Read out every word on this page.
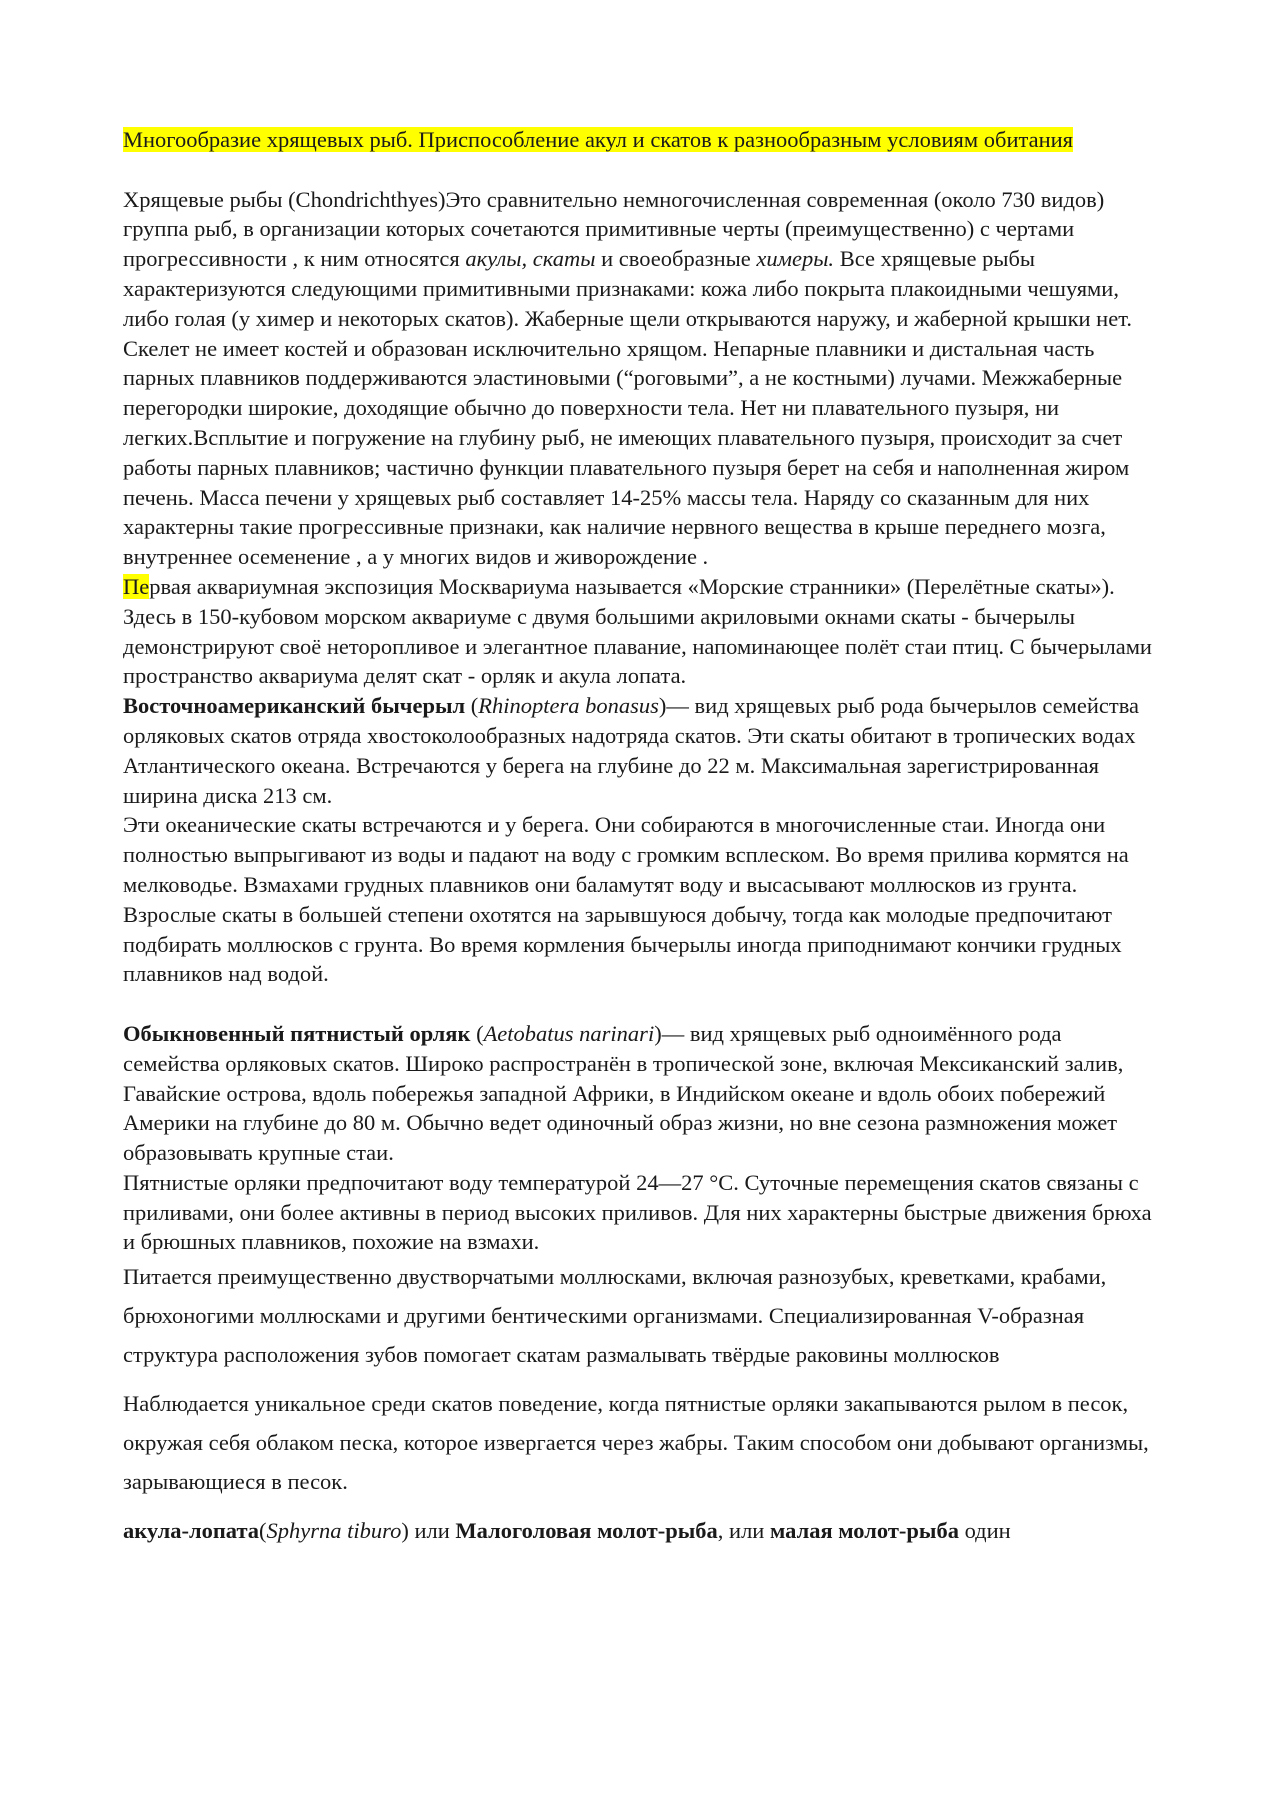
Многообразие хрящевых рыб. Приспособление акул и скатов к разнообразным условиям обитания

Хрящевые рыбы (Chondrichthyes)Это сравнительно немногочисленная современная (около 730 видов) группа рыб, в организации которых сочетаются примитивные черты (преимущественно) с чертами прогрессивности , к ним относятся акулы, скаты и своеобразные химеры. Все хрящевые рыбы характеризуются следующими примитивными признаками: кожа либо покрыта плакоидными чешуями, либо голая (у химер и некоторых скатов). Жаберные щели открываются наружу, и жаберной крышки нет. Скелет не имеет костей и образован исключительно хрящом. Непарные плавники и дистальная часть парных плавников поддерживаются эластиновыми (“роговыми”, а не костными) лучами. Межжаберные перегородки широкие, доходящие обычно до поверхности тела. Нет ни плавательного пузыря, ни легких.Всплытие и погружение на глубину рыб, не имеющих плавательного пузыря, происходит за счет работы парных плавников; частично функции плавательного пузыря берет на себя и наполненная жиром печень. Масса печени у хрящевых рыб составляет 14-25% массы тела. Наряду со сказанным для них характерны такие прогрессивные признаки, как наличие нервного вещества в крыше переднего мозга, внутреннее осеменение , а у многих видов и живорождение .

Первая аквариумная экспозиция Москвариума называется «Морские странники» (Перелётные скаты»). Здесь в 150-кубовом морском аквариуме с двумя большими акриловыми окнами скаты - бычерылы демонстрируют своё неторопливое и элегантное плавание, напоминающее полёт стаи птиц. С бычерылами пространство аквариума делят скат - орляк и акула лопата.

Восточноамериканский бычерыл (Rhinoptera bonasus)— вид хрящевых рыб рода бычерылов семейства орляковых скатов отряда хвостоколообразных надотряда скатов. Эти скаты обитают в тропических водах Атлантического океана. Встречаются у берега на глубине до 22 м. Максимальная зарегистрированная ширина диска 213 см.

Эти океанические скаты встречаются и у берега. Они собираются в многочисленные стаи. Иногда они полностью выпрыгивают из воды и падают на воду с громким всплеском. Во время прилива кормятся на мелководье. Взмахами грудных плавников они баламутят воду и высасывают моллюсков из грунта. Взрослые скаты в большей степени охотятся на зарывшуюся добычу, тогда как молодые предпочитают подбирать моллюсков с грунта. Во время кормления бычерылы иногда приподнимают кончики грудных плавников над водой.

Обыкновенный пятнистый орляк (Aetobatus narinari)— вид хрящевых рыб одноимённого рода семейства орляковых скатов. Широко распространён в тропической зоне, включая Мексиканский залив, Гавайские острова, вдоль побережья западной Африки, в Индийском океане и вдоль обоих побережий Америки на глубине до 80 м. Обычно ведет одиночный образ жизни, но вне сезона размножения может образовывать крупные стаи.

Пятнистые орляки предпочитают воду температурой 24—27 °C. Суточные перемещения скатов связаны с приливами, они более активны в период высоких приливов. Для них характерны быстрые движения брюха и брюшных плавников, похожие на взмахи.

Питается преимущественно двустворчатыми моллюсками, включая разнозубых, креветками, крабами, брюхоногими моллюсками и другими бентическими организмами. Специализированная V-образная структура расположения зубов помогает скатам размалывать твёрдые раковины моллюсков

Наблюдается уникальное среди скатов поведение, когда пятнистые орляки закапываются рылом в песок, окружая себя облаком песка, которое извергается через жабры. Таким способом они добывают организмы, зарывающиеся в песок.

акула-лопата(Sphyrna tiburo) или Малоголовая молот-рыба, или малая молот-рыба один
